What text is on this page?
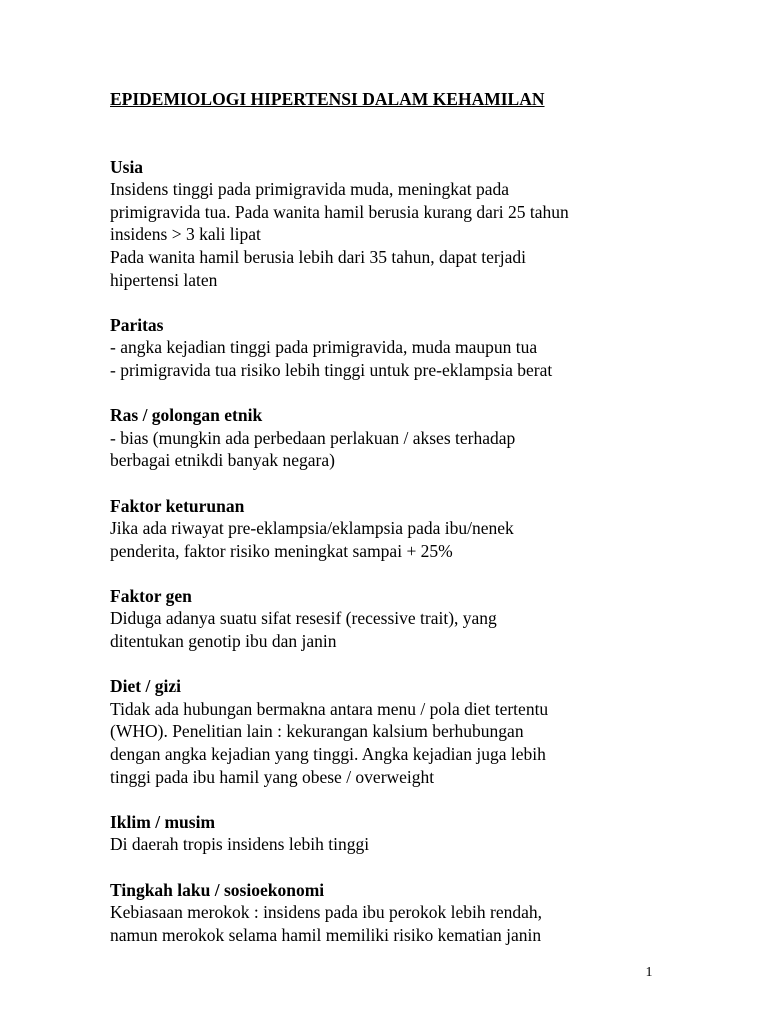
EPIDEMIOLOGI HIPERTENSI DALAM KEHAMILAN
Usia
Insidens tinggi pada primigravida muda, meningkat pada
primigravida tua. Pada wanita hamil berusia kurang dari 25 tahun
insidens > 3 kali lipat
Pada wanita hamil berusia lebih dari 35 tahun, dapat terjadi
hipertensi laten
Paritas
- angka kejadian tinggi pada primigravida, muda maupun tua
- primigravida tua risiko lebih tinggi untuk pre-eklampsia berat
Ras / golongan etnik
- bias (mungkin ada perbedaan perlakuan / akses terhadap
berbagai etnikdi banyak negara)
Faktor keturunan
Jika ada riwayat pre-eklampsia/eklampsia pada ibu/nenek
penderita, faktor risiko meningkat sampai + 25%
Faktor gen
Diduga adanya suatu sifat resesif (recessive trait), yang
ditentukan genotip ibu dan janin
Diet / gizi
Tidak ada hubungan bermakna antara menu / pola diet tertentu
(WHO). Penelitian lain : kekurangan kalsium berhubungan
dengan angka kejadian yang tinggi. Angka kejadian juga lebih
tinggi pada ibu hamil yang obese / overweight
Iklim / musim
Di daerah tropis insidens lebih tinggi
Tingkah laku / sosioekonomi
Kebiasaan merokok : insidens pada ibu perokok lebih rendah,
namun merokok selama hamil memiliki risiko kematian janin
1
